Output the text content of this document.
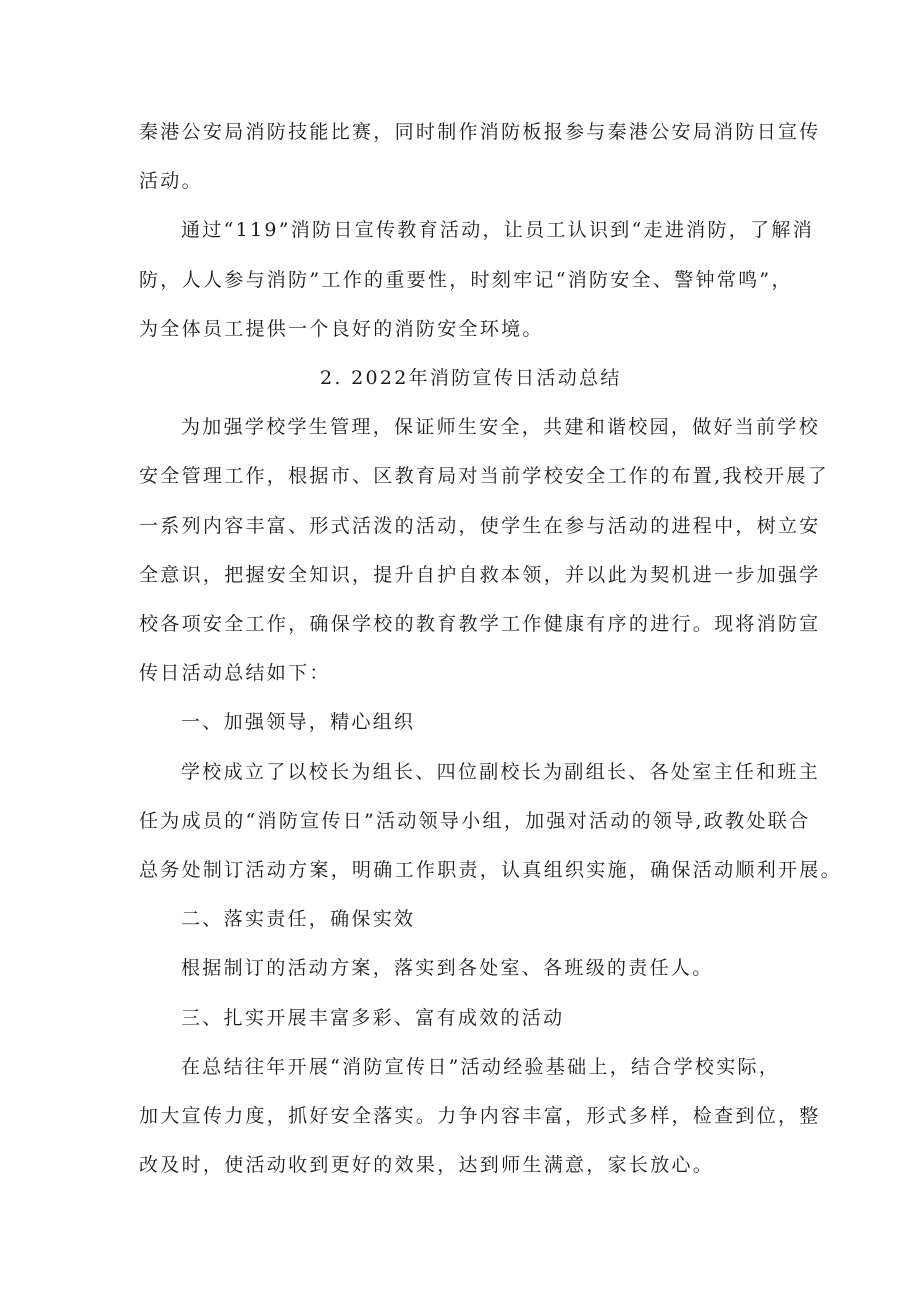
秦港公安局消防技能比赛，同时制作消防板报参与秦港公安局消防日宣传

活动。

通过“119”消防日宣传教育活动，让员工认识到“走进消防，了解消

防，人人参与消防”工作的重要性，时刻牢记“消防安全、警钟常鸣”，

为全体员工提供一个良好的消防安全环境。

2. 2022年消防宣传日活动总结

为加强学校学生管理，保证师生安全，共建和谐校园，做好当前学校

安全管理工作，根据市、区教育局对当前学校安全工作的布置,我校开展了

一系列内容丰富、形式活泼的活动，使学生在参与活动的进程中，树立安

全意识，把握安全知识，提升自护自救本领，并以此为契机进一步加强学

校各项安全工作，确保学校的教育教学工作健康有序的进行。现将消防宣

传日活动总结如下：

一、加强领导，精心组织

学校成立了以校长为组长、四位副校长为副组长、各处室主任和班主

任为成员的“消防宣传日”活动领导小组，加强对活动的领导,政教处联合

总务处制订活动方案，明确工作职责，认真组织实施，确保活动顺利开展。

二、落实责任，确保实效

根据制订的活动方案，落实到各处室、各班级的责任人。

三、扎实开展丰富多彩、富有成效的活动

在总结往年开展“消防宣传日”活动经验基础上，结合学校实际，

加大宣传力度，抓好安全落实。力争内容丰富，形式多样，检查到位，整

改及时，使活动收到更好的效果，达到师生满意，家长放心。
